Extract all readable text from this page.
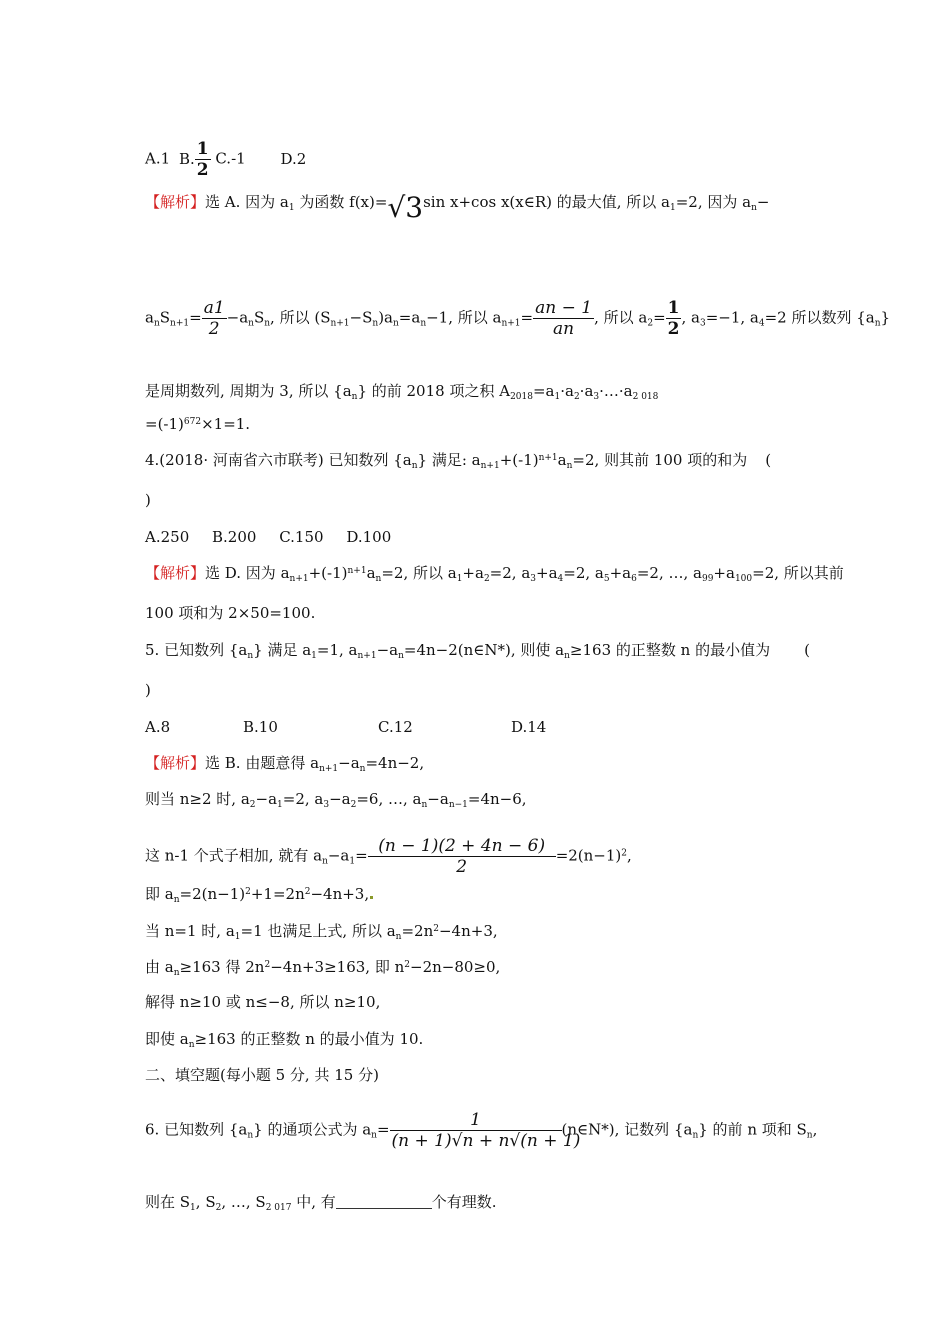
A.1 B. $\frac{1}{2} C.-1$ D.2
【解析】选 A. 因为 $a_1$ 为函数 f(x)=√3sin x+cos x(x∈R) 的最大值, 所以 $a_1=2$, 因为 $a_n-$
$a_nS_{n+1}= \frac{a1}{2} -a_nS_n$, 所以 $(S_{n+1}-S_n)a_n=a_n-1$, 所以 $a_{n+1}= \frac{an - 1}{an}$ , 所以 $a_2= \frac{1}{2}$ , $a_3=-1$, $a_4=2$ 所以数列 $\{a_n\}$
是周期数列, 周期为 3, 所以 $\{a_n\}$ 的前 2018 项之积 $A_{2018}=a_1\cdot a_2\cdot a_3\cdot\dots\cdot a_{2 018}$
$=(-1)^{672}\times 1=1$.
4.(2018· 河南省六市联考) 已知数列 $\{a_n\}$ 满足: $a_{n+1}+(-1)^{n+1}a_n=2$, 则其前 100 项的和为 (
)
A.250 B.200 C.150 D.100
【解析】选 D. 因为 $a_{n+1}+(-1)^{n+1}a_n=2$, 所以 $a_1+a_2=2$, $a_3+a_4=2$, $a_5+a_6=2$, …, $a_{99}+a_{100}=2$, 所以其前
100 项和为 2×50=100.
5. 已知数列 $\{a_n\}$ 满足 $a_1=1$, $a_{n+1}-a_n=4n-2(n\in N*)$, 则使 $a_n\ge 163$ 的正整数 n 的最小值为 (
)
A.8	B.10	C.12	D.14
【解析】选 B. 由题意得 $a_{n+1}-a_n=4n-2$,
则当 n≥2 时, $a_2-a_1=2$, $a_3-a_2=6$, …, $a_n-a_{n-1}=4n-6$,
这 n-1 个式子相加, 就有 $a_n-a_1= \frac{(n - 1)(2 + 4n - 6)}{2} =2(n-1)^2$,
即 $a_n=2(n-1)^2+1=2n^2-4n+3$,
当 n=1 时, $a_1=1$ 也满足上式, 所以 $a_n=2n^2-4n+3$,
由 $a_n\ge 163$ 得 $2n^2-4n+3\ge 163$, 即 $n^2-2n-80\ge 0$,
解得 n≥10 或 n≤−8, 所以 n≥10,
即使 $a_n\ge 163$ 的正整数 n 的最小值为 10.
二、填空题(每小题 5 分, 共 15 分)
6. 已知数列 $\{a_n\}$ 的通项公式为 $a_n= \frac{1}{(n + 1)√n + n√(n + 1)}$ (n∈N*), 记数列 $\{a_n\}$ 的前 n 项和 $S_n$,
则在 $S_1$, $S_2$, …, $S_{2 017}$ 中, 有	个有理数.
